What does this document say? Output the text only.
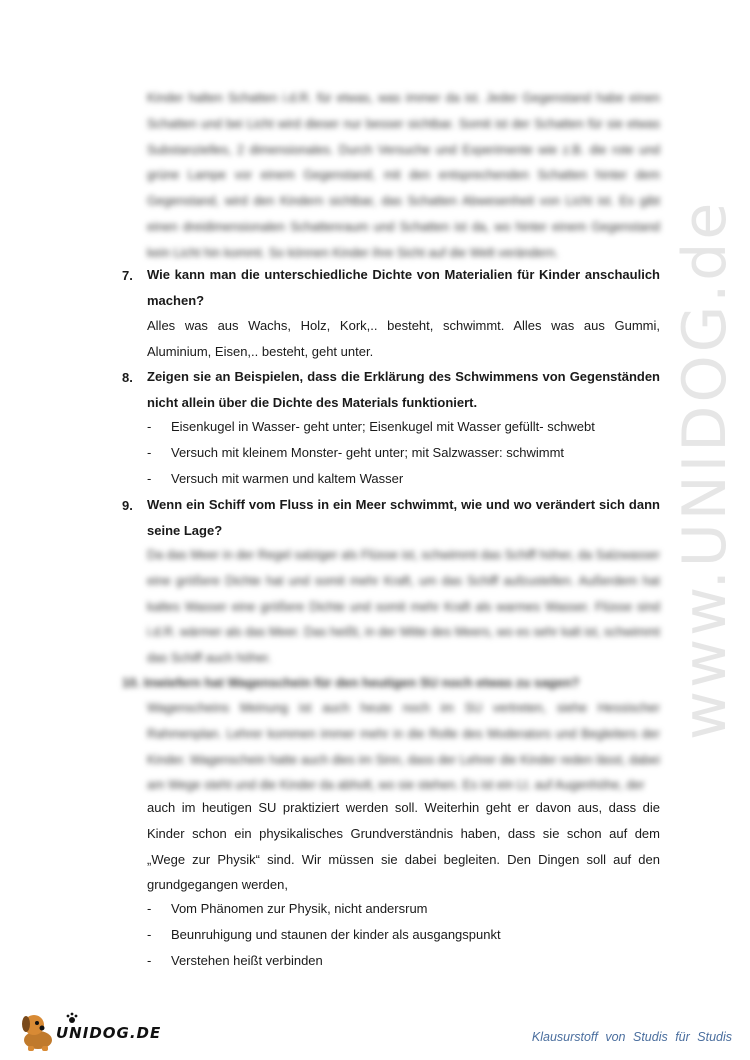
www.UNIDOG.de
Kinder halten Schatten i.d.R. für etwas, was immer da ist. Jeder Gegenstand habe einen Schatten und bei Licht wird dieser nur besser sichtbar. Somit ist der Schatten für sie etwas Substanzielles, 2 dimensionales. Durch Versuche und Experimente wie z.B. die rote und grüne Lampe vor einem Gegenstand, mit den entsprechenden Schatten hinter dem Gegenstand, wird den Kindern sichtbar, das Schatten Abwesenheit von Licht ist. Es gibt einen dreidimensionalen Schattenraum und Schatten ist da, wo hinter einem Gegenstand kein Licht hin kommt. So können Kinder ihre Sicht auf die Welt verändern.
7. Wie kann man die unterschiedliche Dichte von Materialien für Kinder anschaulich machen?
Alles was aus Wachs, Holz, Kork,.. besteht, schwimmt. Alles was aus Gummi, Aluminium, Eisen,.. besteht, geht unter.
8. Zeigen sie an Beispielen, dass die Erklärung des Schwimmens von Gegenständen nicht allein über die Dichte des Materials funktioniert.
- Eisenkugel in Wasser- geht unter; Eisenkugel mit Wasser gefüllt- schwebt
- Versuch mit kleinem Monster- geht unter; mit Salzwasser: schwimmt
- Versuch mit warmen und kaltem Wasser
9. Wenn ein Schiff vom Fluss in ein Meer schwimmt, wie und wo verändert sich dann seine Lage?
Da das Meer in der Regel salziger als Flüsse ist, schwimmt das Schiff höher, da Salzwasser eine größere Dichte hat und somit mehr Kraft, um das Schiff aufzustellen. Außerdem hat kaltes Wasser eine größere Dichte und somit mehr Kraft als warmes Wasser. Flüsse sind i.d.R. wärmer als das Meer. Das heißt, in der Mitte des Meers, wo es sehr kalt ist, schwimmt das Schiff auch höher.
10. Inwiefern hat Wagenschein für den heutigen SU noch etwas zu sagen?
Wagenscheins Meinung ist auch heute noch im SU vertreten, siehe Hessischer Rahmenplan. Lehrer kommen immer mehr in die Rolle des Moderators und Begleiters der Kinder. Wagenschein hatte auch dies im Sinn, dass der Lehrer die Kinder reden lässt, dabei am Wege steht und die Kinder da abholt, wo sie stehen. Es ist ein Lt. auf Augenhöhe, der
auch im heutigen SU praktiziert werden soll. Weiterhin geht er davon aus, dass die Kinder schon ein physikalisches Grundverständnis haben, dass sie schon auf dem „Wege zur Physik“ sind. Wir müssen sie dabei begleiten. Den Dingen soll auf den grundgegangen werden,
- Vom Phänomen zur Physik, nicht andersrum
- Beunruhigung und staunen der kinder als ausgangspunkt
- Verstehen heißt verbinden
UNIDOG.DE	Klausurstoff von Studis für Studis
